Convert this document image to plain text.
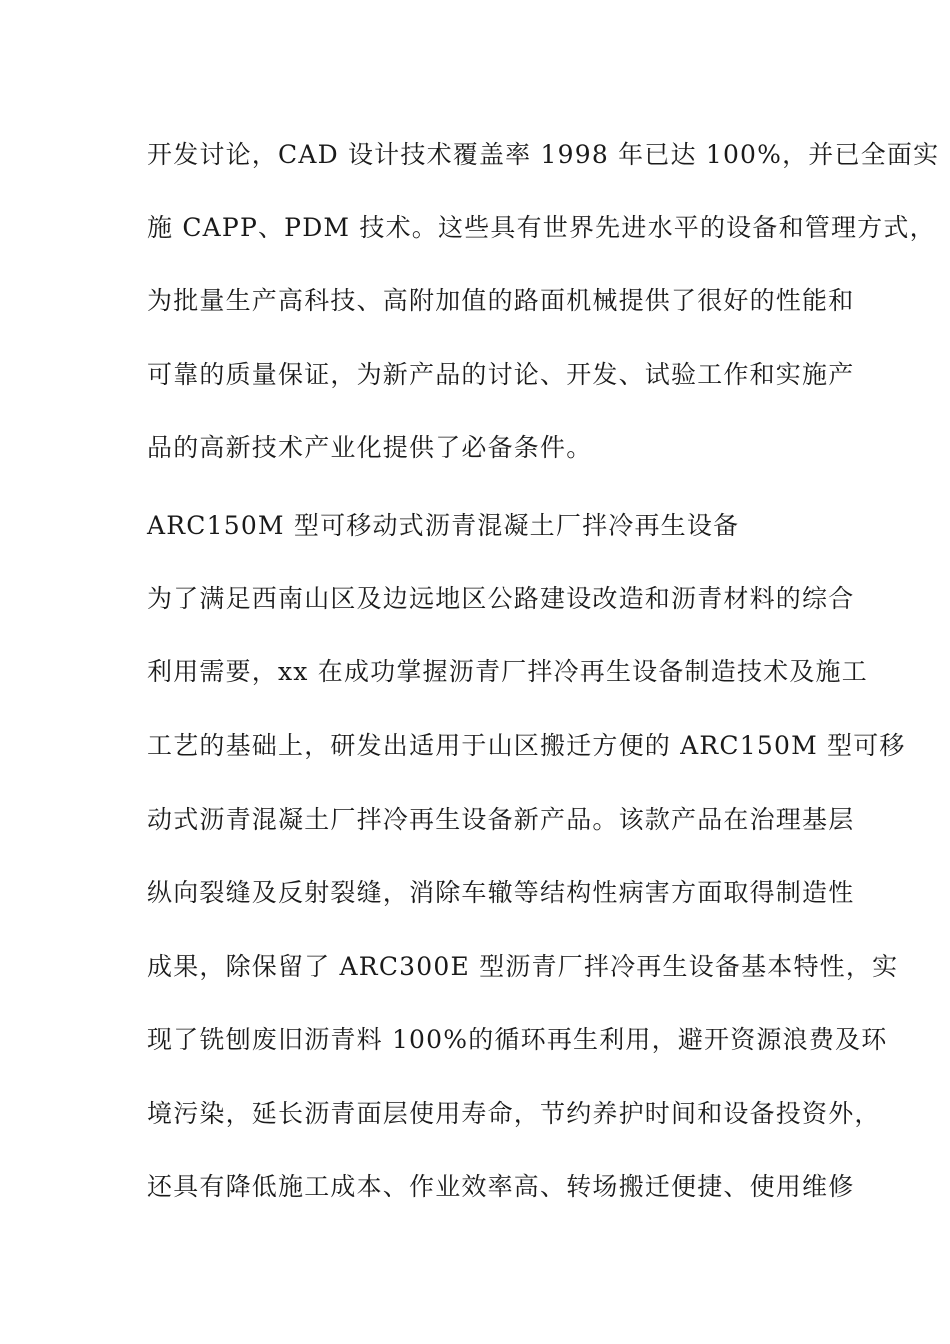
开发讨论，CAD 设计技术覆盖率 1998 年已达 100%，并已全面实
施 CAPP、PDM 技术。这些具有世界先进水平的设备和管理方式，
为批量生产高科技、高附加值的路面机械提供了很好的性能和
可靠的质量保证，为新产品的讨论、开发、试验工作和实施产
品的高新技术产业化提供了必备条件。
ARC150M 型可移动式沥青混凝土厂拌冷再生设备
为了满足西南山区及边远地区公路建设改造和沥青材料的综合
利用需要，xx 在成功掌握沥青厂拌冷再生设备制造技术及施工
工艺的基础上，研发出适用于山区搬迁方便的 ARC150M 型可移
动式沥青混凝土厂拌冷再生设备新产品。该款产品在治理基层
纵向裂缝及反射裂缝，消除车辙等结构性病害方面取得制造性
成果，除保留了 ARC300E 型沥青厂拌冷再生设备基本特性，实
现了铣刨废旧沥青料 100%的循环再生利用，避开资源浪费及环
境污染，延长沥青面层使用寿命，节约养护时间和设备投资外，
还具有降低施工成本、作业效率高、转场搬迁便捷、使用维修
